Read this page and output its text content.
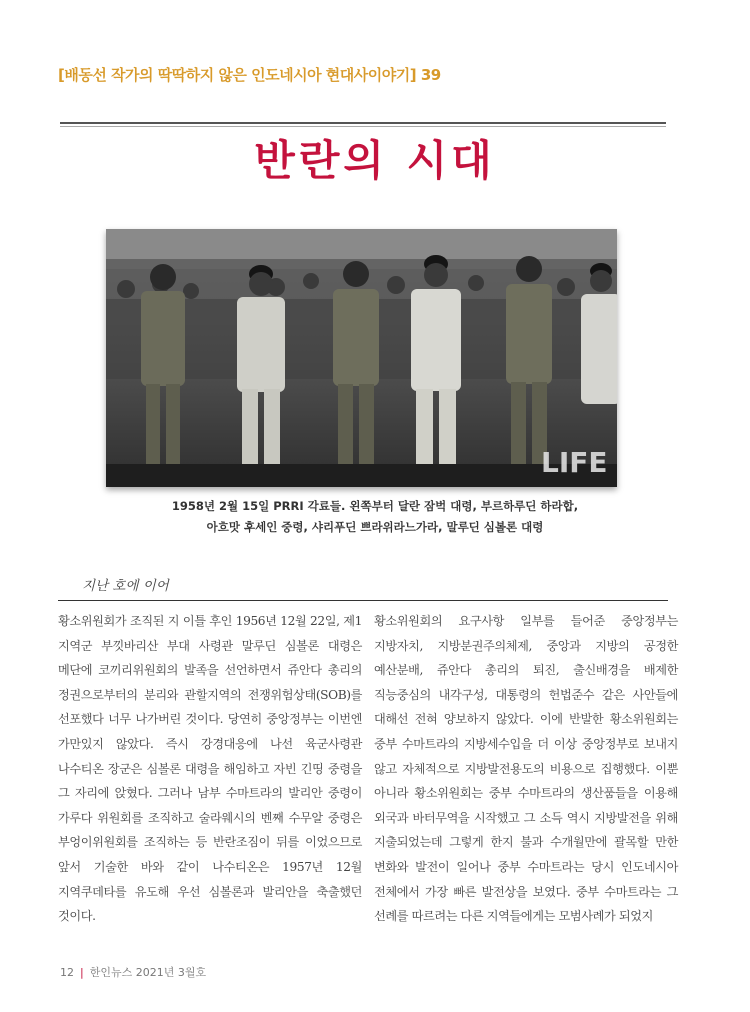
[배동선 작가의 딱딱하지 않은 인도네시아 현대사이야기] 39
반란의 시대
LIFE
1958년 2월 15일 PRRI 각료들. 왼쪽부터 달란 잠벅 대령, 부르하루딘 하라합,
아흐맛 후세인 중령, 샤리푸딘 쁘라위라느가라, 말루딘 심볼론 대령
지난 호에 이어
황소위원회가 조직된 지 이틀 후인 1956년 12월 22일, 제1 지역군 부낏바리산 부대 사령관 말루딘 심볼론 대령은 메단에 코끼리위원회의 발족을 선언하면서 쥬안다 총리의 정권으로부터의 분리와 관할지역의 전쟁위험상태(SOB)를 선포했다 너무 나가버린 것이다. 당연히 중앙정부는 이번엔 가만있지 않았다. 즉시 강경대응에 나선 육군사령관 나수티온 장군은 심볼론 대령을 해임하고 자빈 긴띵 중령을 그 자리에 앉혔다. 그러나 남부 수마트라의 발리안 중령이 가루다 위원회를 조직하고 술라웨시의 벤째 수무알 중령은 부엉이위원회를 조직하는 등 반란조짐이 뒤를 이었으므로 앞서 기술한 바와 같이 나수티온은 1957년 12월 지역쿠데타를 유도해 우선 심볼론과 발리안을 축출했던 것이다.
황소위원회의 요구사항 일부를 들어준 중앙정부는 지방자치, 지방분권주의체제, 중앙과 지방의 공정한 예산분배, 쥬안다 총리의 퇴진, 출신배경을 배제한 직능중심의 내각구성, 대통령의 헌법준수 같은 사안들에 대해선 전혀 양보하지 않았다. 이에 반발한 황소위원회는 중부 수마트라의 지방세수입을 더 이상 중앙정부로 보내지 않고 자체적으로 지방발전용도의 비용으로 집행했다. 이뿐 아니라 황소위원회는 중부 수마트라의 생산품들을 이용해 외국과 바터무역을 시작했고 그 소득 역시 지방발전을 위해 지출되었는데 그렇게 한지 불과 수개월만에 괄목할 만한 변화와 발전이 일어나 중부 수마트라는 당시 인도네시아 전체에서 가장 빠른 발전상을 보였다. 중부 수마트라는 그 선례를 따르려는 다른 지역들에게는 모범사례가 되었지
12 | 한인뉴스 2021년 3월호
